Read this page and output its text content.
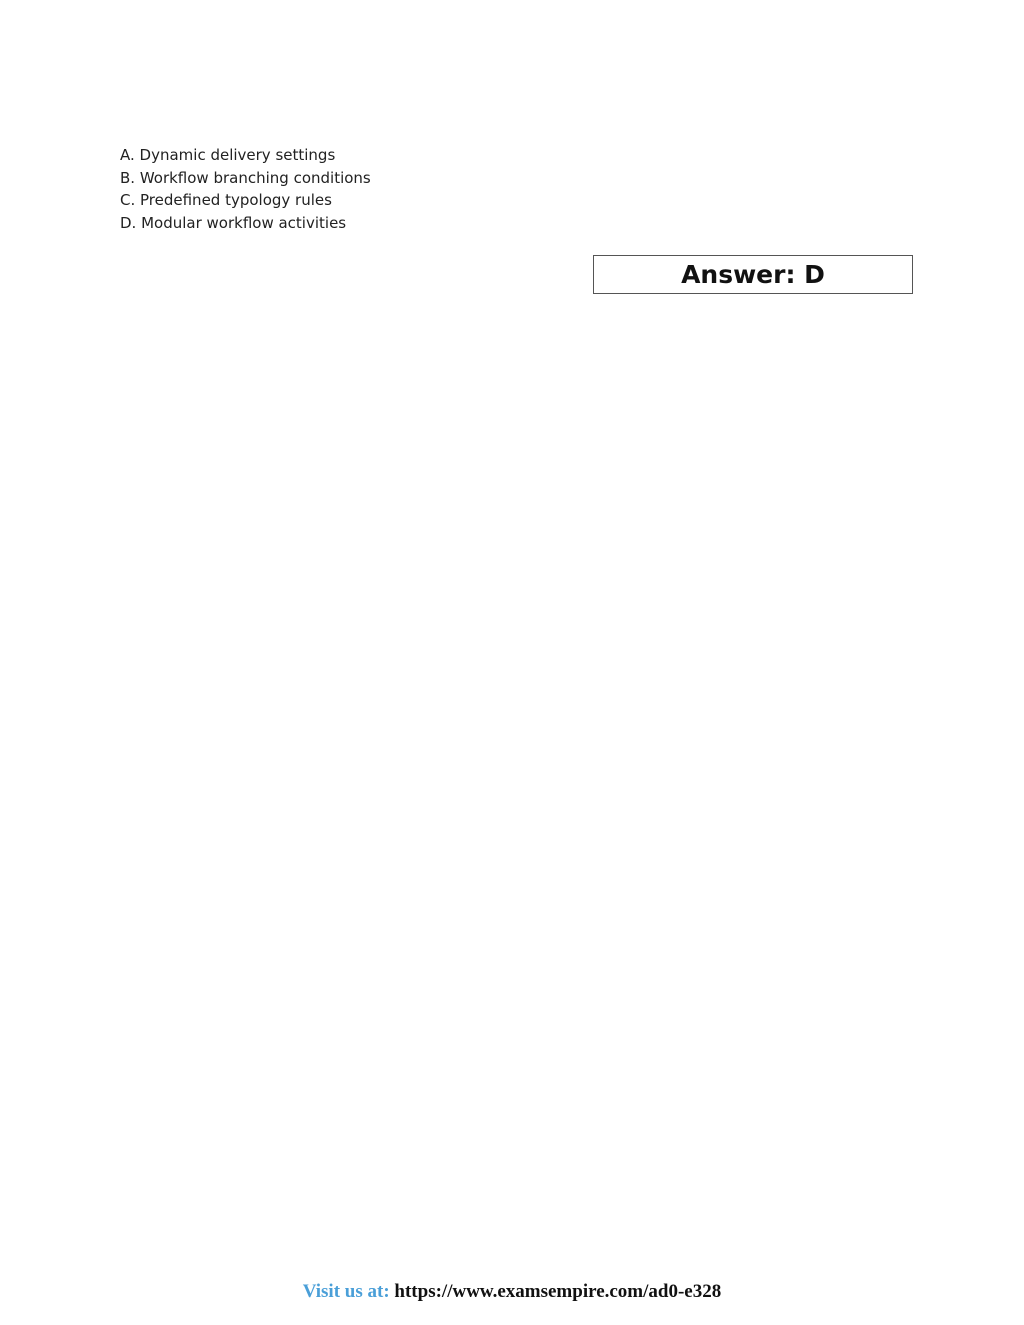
A. Dynamic delivery settings
B. Workflow branching conditions
C. Predefined typology rules
D. Modular workflow activities
Answer: D
Visit us at: https://www.examsempire.com/ad0-e328
